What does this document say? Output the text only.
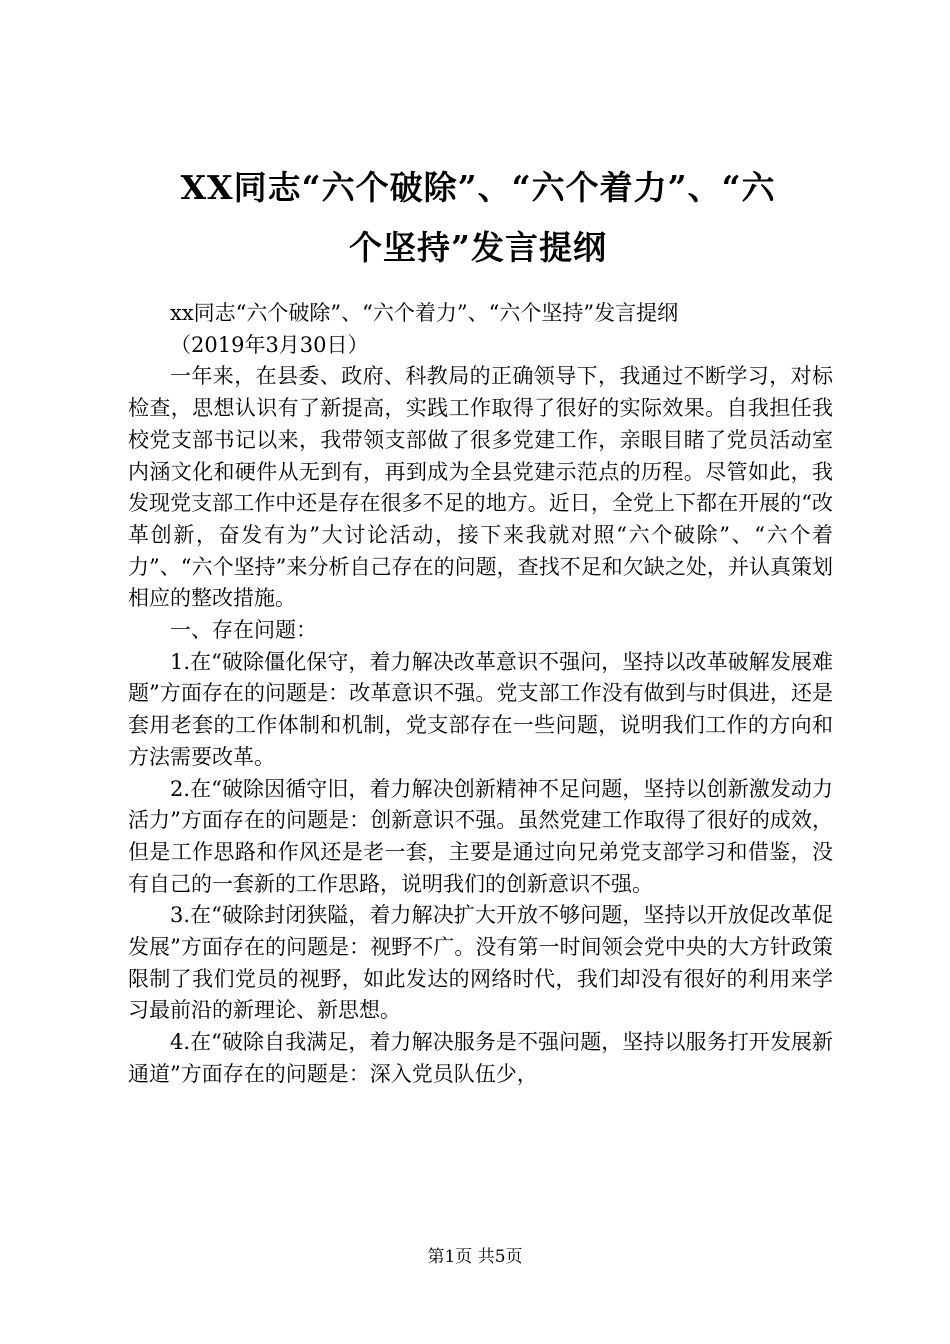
XX同志“六个破除”、“六个着力”、“六
个坚持”发言提纲

xx同志“六个破除”、“六个着力”、“六个坚持”发言提纲

（2019年3月30日）

一年来，在县委、政府、科教局的正确领导下，我通过不断学习，对标检查，思想认识有了新提高，实践工作取得了很好的实际效果。自我担任我校党支部书记以来，我带领支部做了很多党建工作，亲眼目睹了党员活动室内涵文化和硬件从无到有，再到成为全县党建示范点的历程。尽管如此，我发现党支部工作中还是存在很多不足的地方。近日，全党上下都在开展的“改革创新，奋发有为”大讨论活动，接下来我就对照“六个破除”、“六个着力”、“六个坚持”来分析自己存在的问题，查找不足和欠缺之处，并认真策划相应的整改措施。

一、存在问题：

1.在“破除僵化保守，着力解决改革意识不强问，坚持以改革破解发展难题”方面存在的问题是：改革意识不强。党支部工作没有做到与时俱进，还是套用老套的工作体制和机制，党支部存在一些问题，说明我们工作的方向和方法需要改革。

2.在“破除因循守旧，着力解决创新精神不足问题，坚持以创新激发动力活力”方面存在的问题是：创新意识不强。虽然党建工作取得了很好的成效，但是工作思路和作风还是老一套，主要是通过向兄弟党支部学习和借鉴，没有自己的一套新的工作思路，说明我们的创新意识不强。

3.在“破除封闭狭隘，着力解决扩大开放不够问题，坚持以开放促改革促发展”方面存在的问题是：视野不广。没有第一时间领会党中央的大方针政策限制了我们党员的视野，如此发达的网络时代，我们却没有很好的利用来学习最前沿的新理论、新思想。

4.在“破除自我满足，着力解决服务是不强问题，坚持以服务打开发展新通道”方面存在的问题是：深入党员队伍少，

第1页 共5页
